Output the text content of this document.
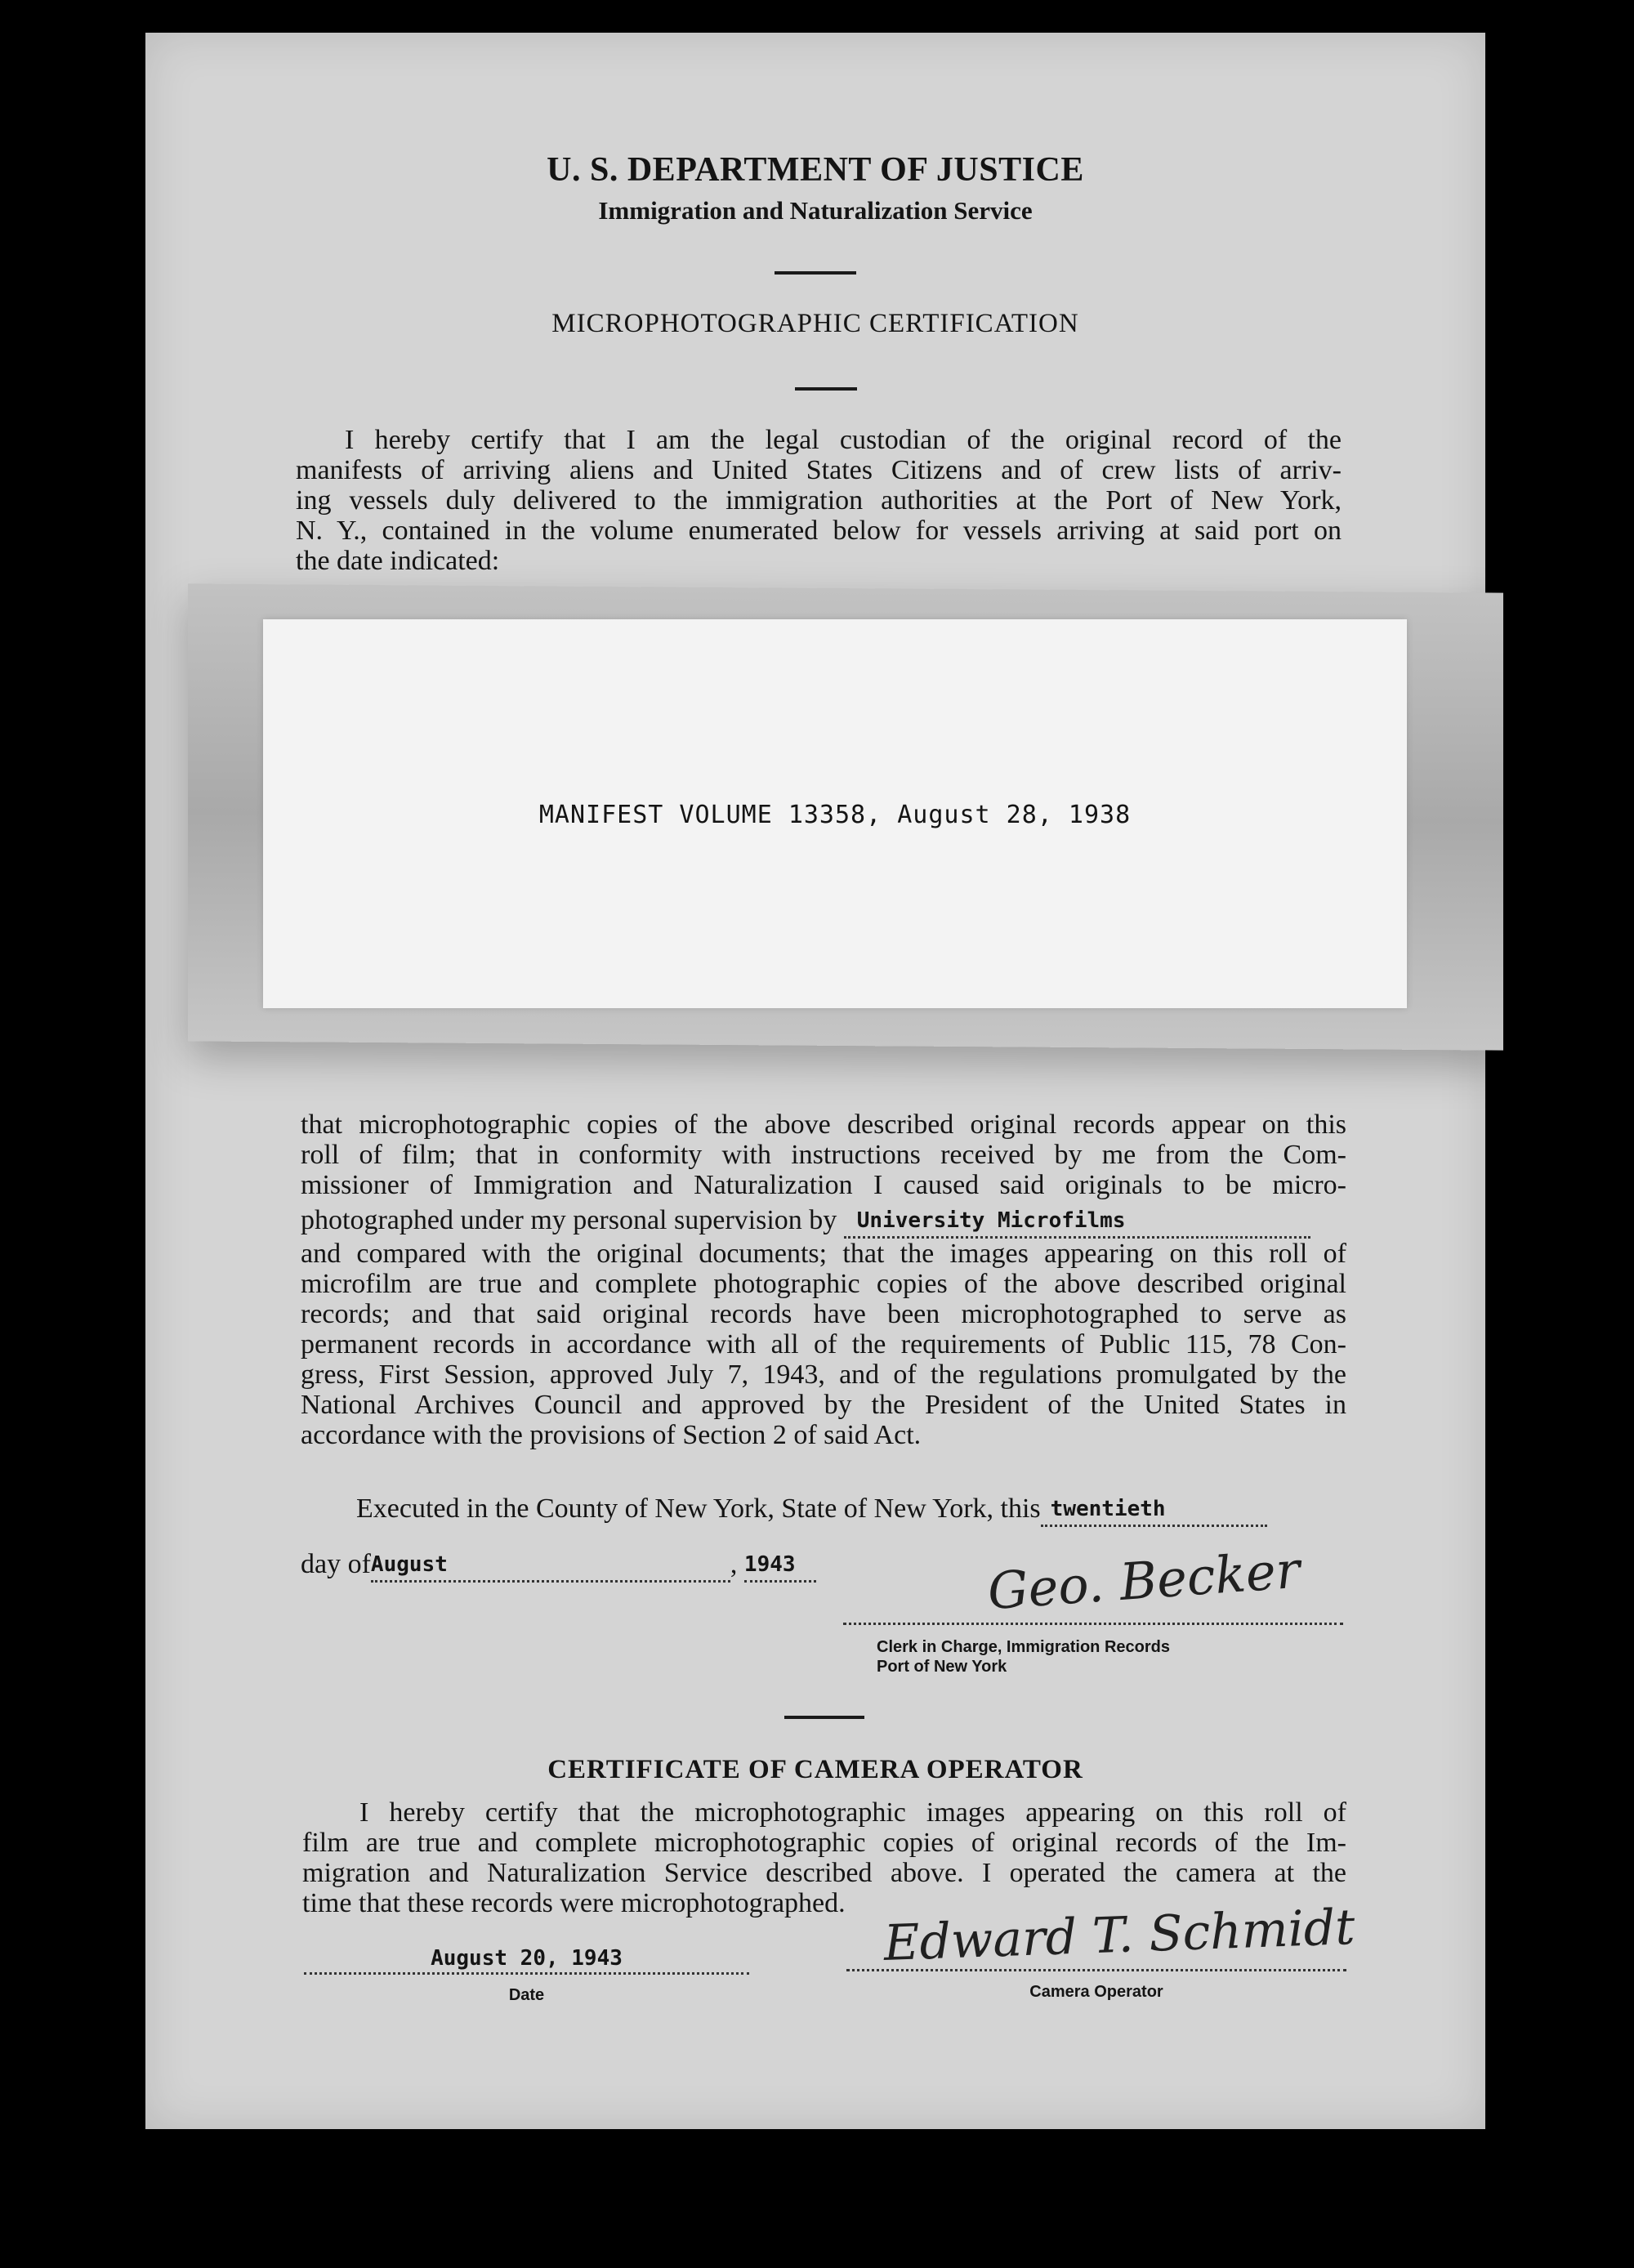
U. S. DEPARTMENT OF JUSTICE
Immigration and Naturalization Service
MICROPHOTOGRAPHIC CERTIFICATION
I hereby certify that I am the legal custodian of the original record of the
manifests of arriving aliens and United States Citizens and of crew lists of arriv-
ing vessels duly delivered to the immigration authorities at the Port of New York,
N. Y., contained in the volume enumerated below for vessels arriving at said port on
the date indicated:
MANIFEST VOLUME 13358, August 28, 1938
that microphotographic copies of the above described original records appear on this
roll of film; that in conformity with instructions received by me from the Com-
missioner of Immigration and Naturalization I caused said originals to be micro-
photographed under my personal supervision by University Microfilms
and compared with the original documents; that the images appearing on this roll of
microfilm are true and complete photographic copies of the above described original
records; and that said original records have been microphotographed to serve as
permanent records in accordance with all of the requirements of Public 115, 78 Con-
gress, First Session, approved July 7, 1943, and of the regulations promulgated by the
National Archives Council and approved by the President of the United States in
accordance with the provisions of Section 2 of said Act.
Executed in the County of New York, State of New York, this twentieth
day ofAugust	, 1943	Geo. Becker
Clerk in Charge, Immigration Records
Port of New York
CERTIFICATE OF CAMERA OPERATOR
I hereby certify that the microphotographic images appearing on this roll of
film are true and complete microphotographic copies of original records of the Im-
migration and Naturalization Service described above. I operated the camera at the
time that these records were microphotographed.
August 20, 1943
Date
Edward T. Schmidt
Camera Operator
